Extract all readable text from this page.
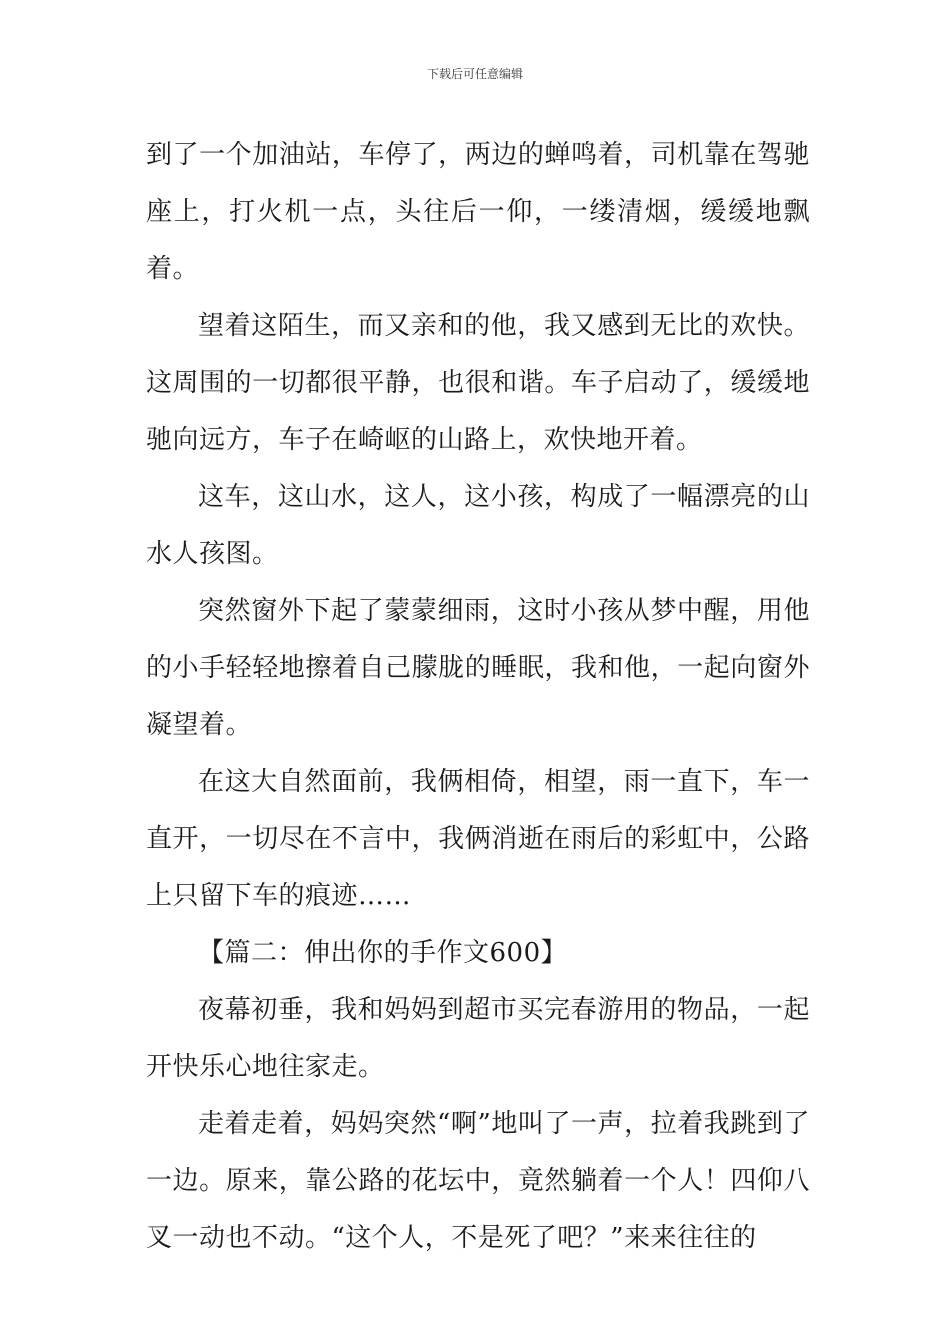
下载后可任意编辑

到了一个加油站，车停了，两边的蝉鸣着，司机靠在驾驰座上，打火机一点，头往后一仰，一缕清烟，缓缓地飘着。

望着这陌生，而又亲和的他，我又感到无比的欢快。这周围的一切都很平静，也很和谐。车子启动了，缓缓地驰向远方，车子在崎岖的山路上，欢快地开着。

这车，这山水，这人，这小孩，构成了一幅漂亮的山水人孩图。

突然窗外下起了蒙蒙细雨，这时小孩从梦中醒，用他的小手轻轻地擦着自己朦胧的睡眠，我和他，一起向窗外凝望着。

在这大自然面前，我俩相倚，相望，雨一直下，车一直开，一切尽在不言中，我俩消逝在雨后的彩虹中，公路上只留下车的痕迹……

【篇二：伸出你的手作文600】

夜幕初垂，我和妈妈到超市买完春游用的物品，一起开快乐心地往家走。

走着走着，妈妈突然“啊”地叫了一声，拉着我跳到了一边。原来，靠公路的花坛中，竟然躺着一个人！四仰八叉一动也不动。“这个人，不是死了吧？”来来往往的
